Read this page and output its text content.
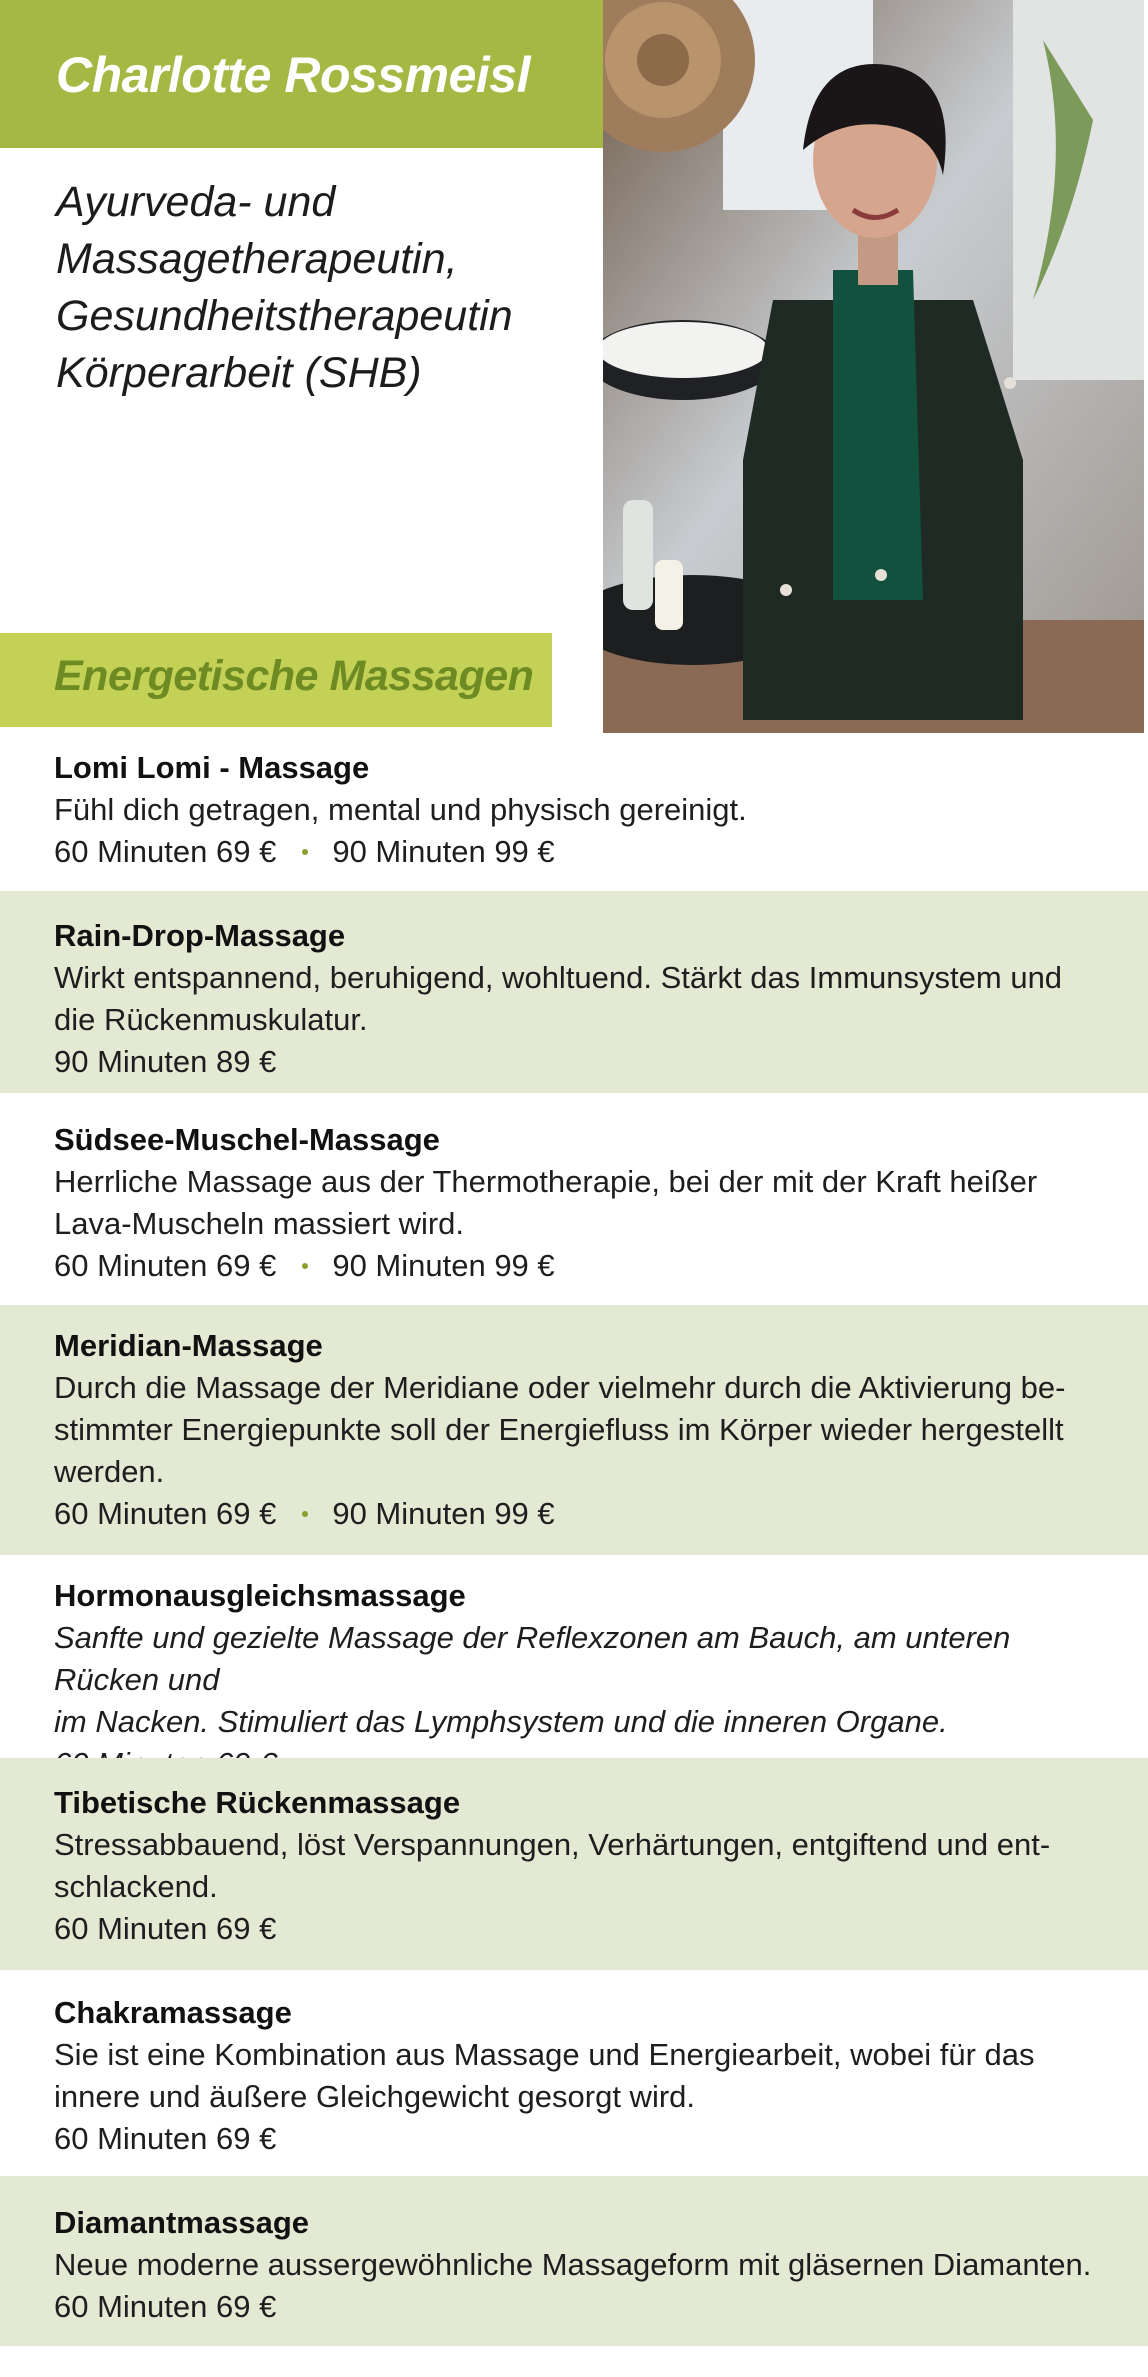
Charlotte Rossmeisl
Ayurveda- und
Massagetherapeutin,
Gesundheitstherapeutin
Körperarbeit (SHB)
Energetische Massagen
Lomi Lomi - Massage
Fühl dich getragen, mental und physisch gereinigt.
60 Minuten 69 € 90 Minuten 99 €
Rain-Drop-Massage
Wirkt entspannend, beruhigend, wohltuend. Stärkt das Immunsystem und
die Rückenmuskulatur.
90 Minuten 89 €
Südsee-Muschel-Massage
Herrliche Massage aus der Thermotherapie, bei der mit der Kraft heißer
Lava-Muscheln massiert wird.
60 Minuten 69 € 90 Minuten 99 €
Meridian-Massage
Durch die Massage der Meridiane oder vielmehr durch die Aktivierung be-
stimmter Energiepunkte soll der Energiefluss im Körper wieder hergestellt
werden.
60 Minuten 69 € 90 Minuten 99 €
Hormonausgleichsmassage
Sanfte und gezielte Massage der Reflexzonen am Bauch, am unteren Rücken und
im Nacken. Stimuliert das Lymphsystem und die inneren Organe.
Tibetische Rückenmassage
Stressabbauend, löst Verspannungen, Verhärtungen, entgiftend und ent-
schlackend.
60 Minuten 69 €
Chakramassage
Sie ist eine Kombination aus Massage und Energiearbeit, wobei für das
innere und äußere Gleichgewicht gesorgt wird.
60 Minuten 69 €
Diamantmassage
Neue moderne aussergewöhnliche Massageform mit gläsernen Diamanten.
60 Minuten 69 €
